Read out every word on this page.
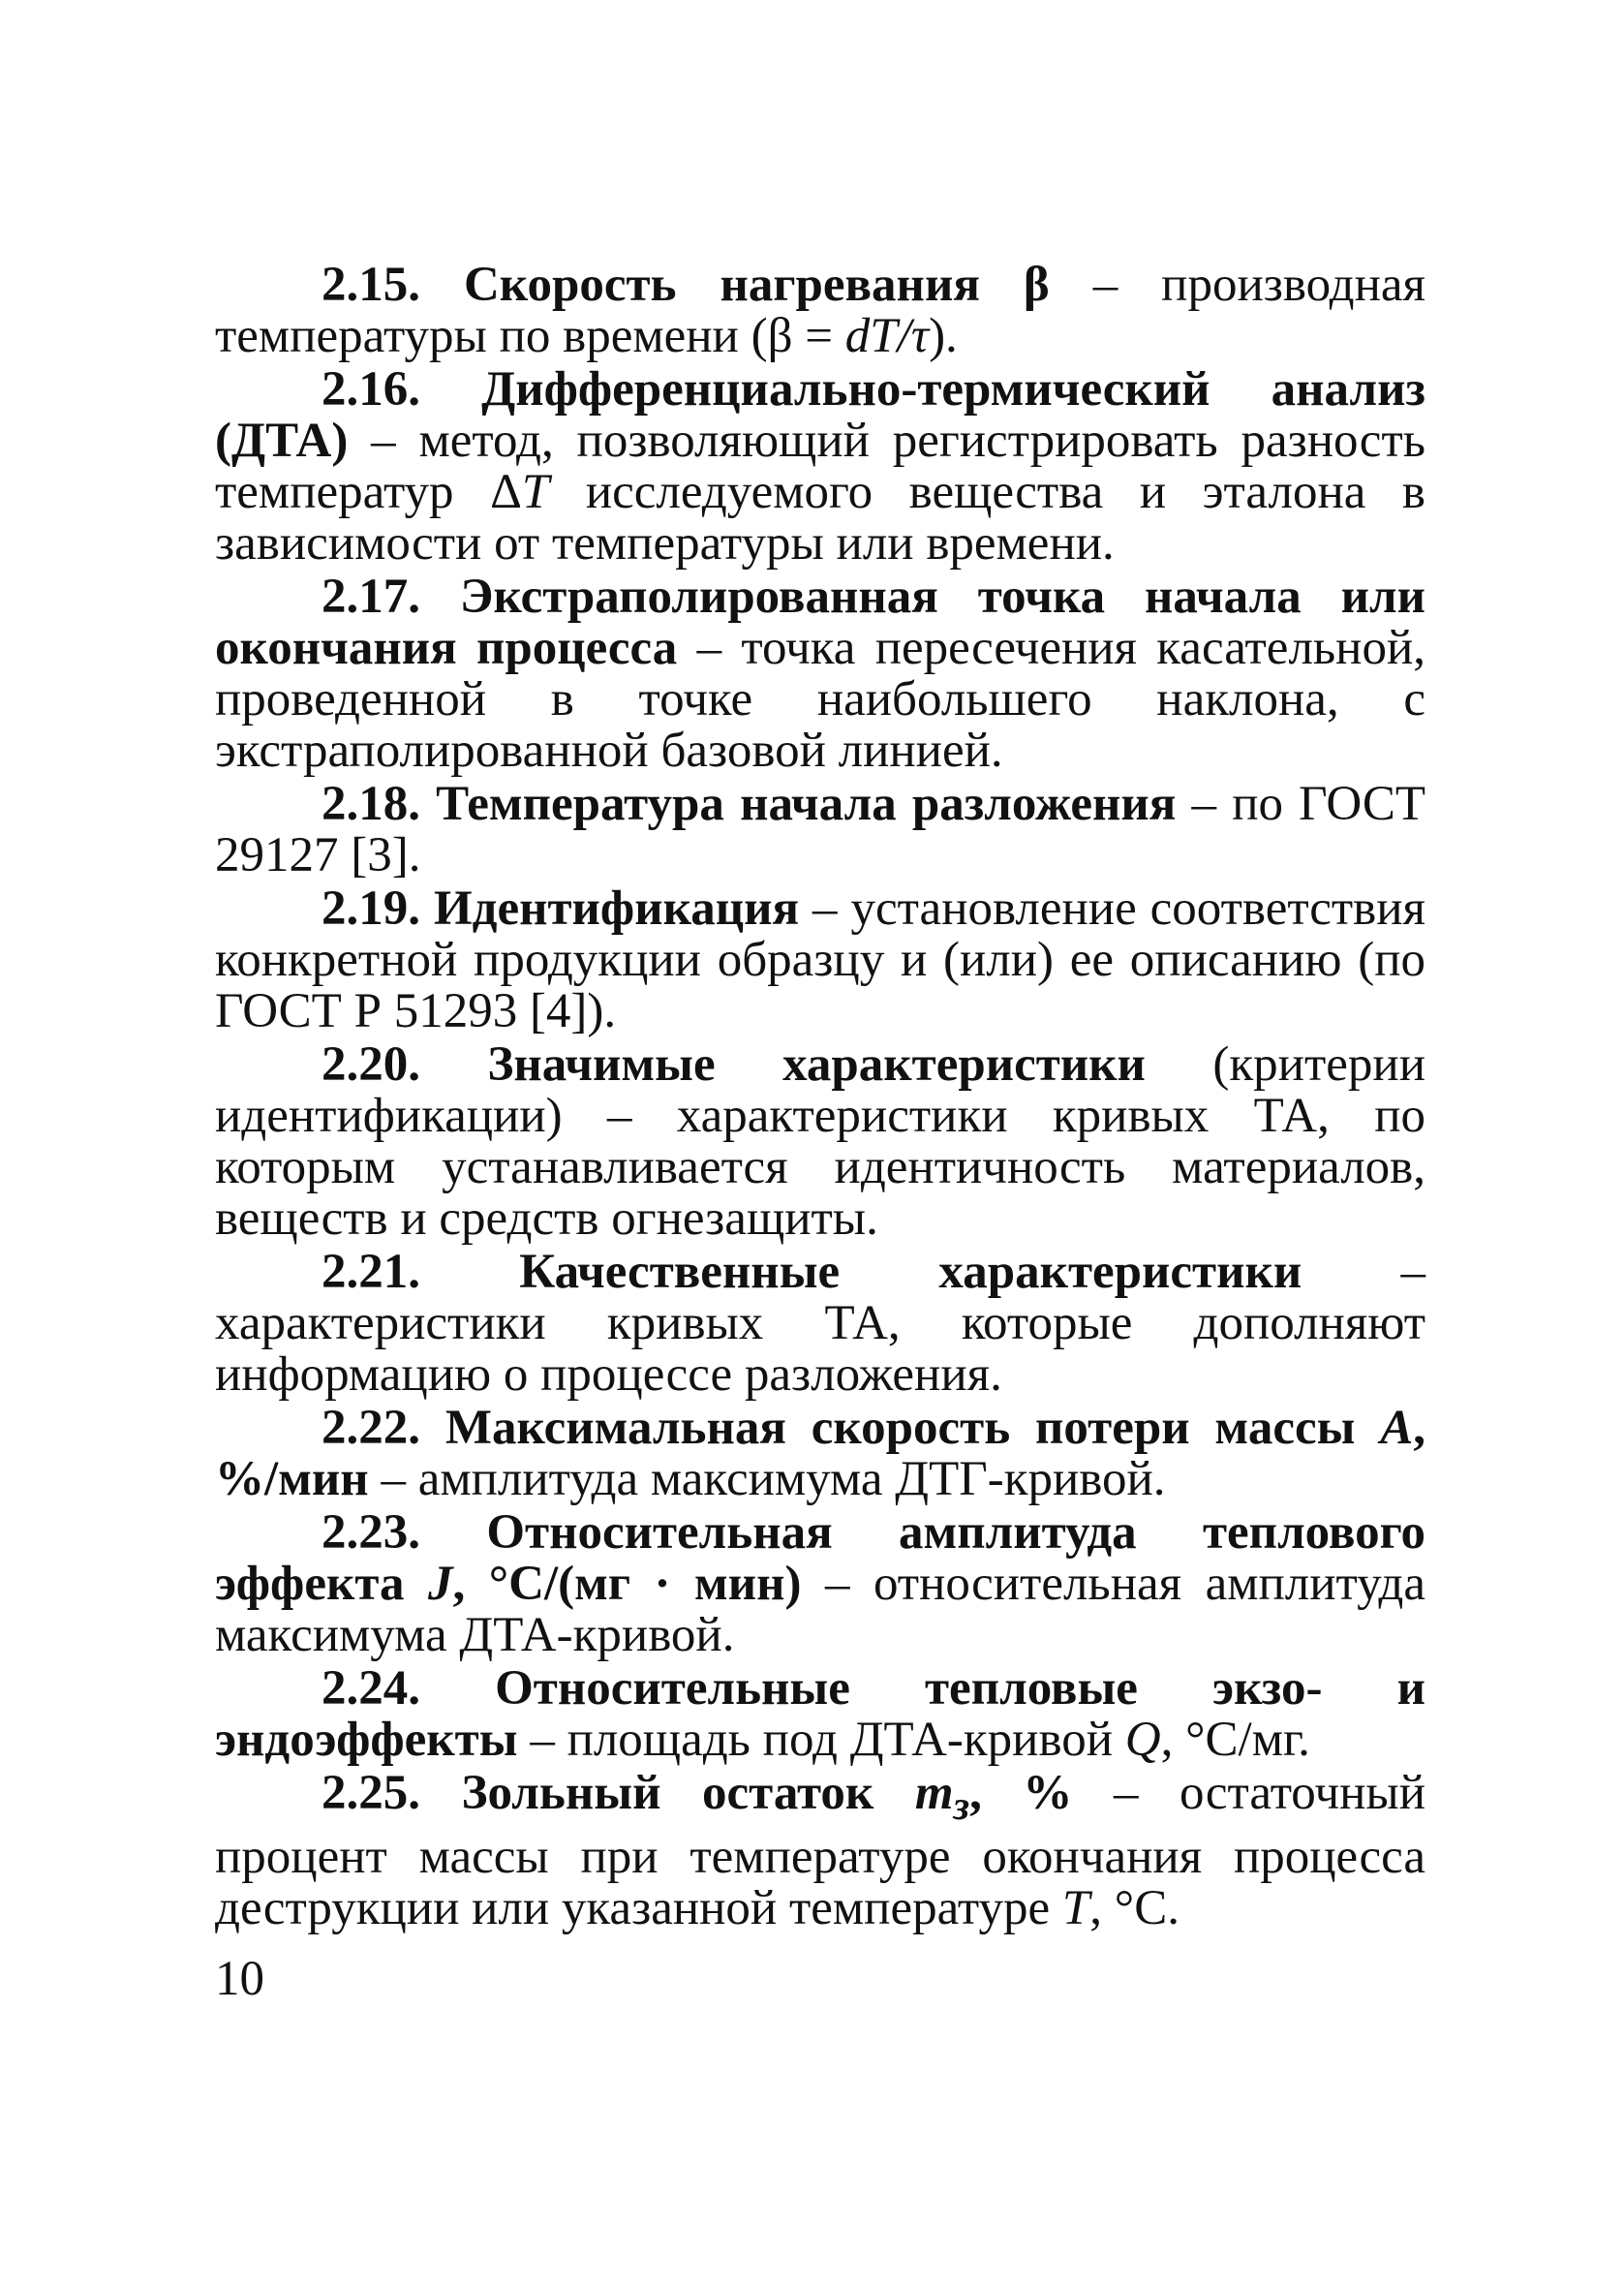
2.15. Скорость нагревания β – производная температуры по времени (β = dT/τ).

2.16. Дифференциально-термический анализ (ДТА) – метод, позволяющий регистрировать разность температур ΔT исследуемого вещества и эталона в зависимости от температуры или времени.

2.17. Экстраполированная точка начала или окончания процесса – точка пересечения касательной, проведенной в точке наибольшего наклона, с экстраполированной базовой линией.

2.18. Температура начала разложения – по ГОСТ 29127 [3].

2.19. Идентификация – установление соответствия конкретной продукции образцу и (или) ее описанию (по ГОСТ Р 51293 [4]).

2.20. Значимые характеристики (критерии идентификации) – характеристики кривых ТА, по которым устанавливается идентичность материалов, веществ и средств огнезащиты.

2.21. Качественные характеристики – характеристики кривых ТА, которые дополняют информацию о процессе разложения.

2.22. Максимальная скорость потери массы A, %/мин – амплитуда максимума ДТГ-кривой.

2.23. Относительная амплитуда теплового эффекта J, °С/(мг · мин) – относительная амплитуда максимума ДТА-кривой.

2.24. Относительные тепловые экзо- и эндоэффекты – площадь под ДТА-кривой Q, °С/мг.

2.25. Зольный остаток $m_з$, % – остаточный процент массы при температуре окончания процесса деструкции или указанной температуре T, °С.

10
